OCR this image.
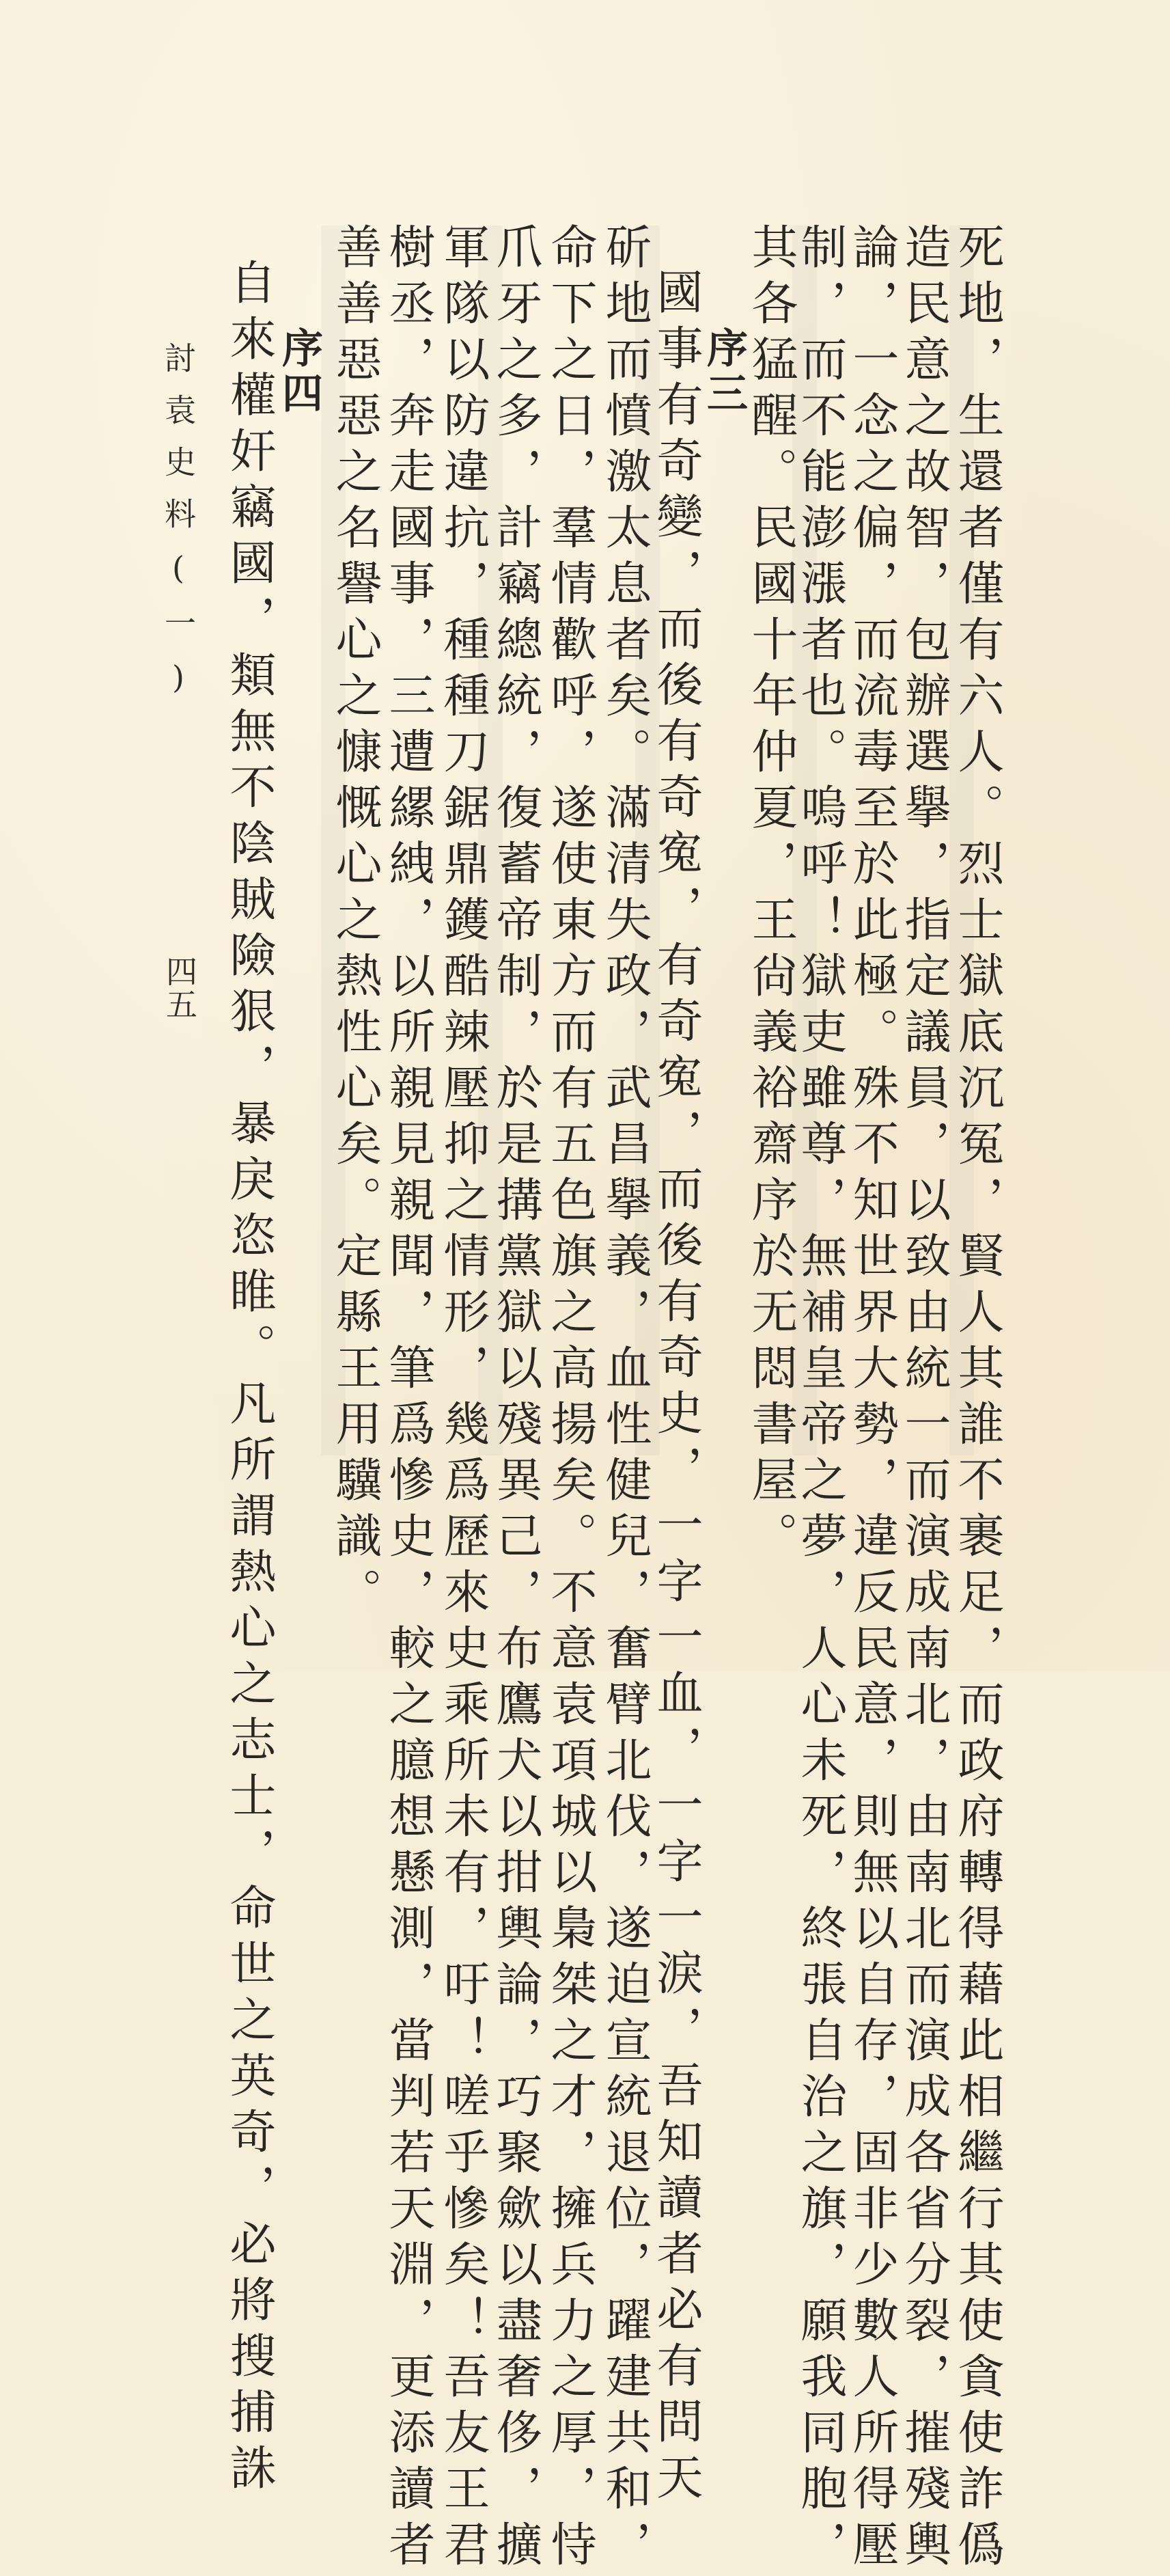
死地，生還者僅有六人。烈士獄底沉冤，賢人其誰不裹足，而政府轉得藉此相繼行其使貪使詐僞
造民意之故智，包辦選擧，指定議員，以致由統一而演成南北，由南北而演成各省分裂，摧殘輿
論，一念之偏，而流毒至於此極。殊不知世界大勢，違反民意，則無以自存，固非少數人所得壓
制，而不能澎漲者也。嗚呼！獄吏雖尊，無補皇帝之夢，人心未死，終張自治之旗，願我同胞，
其各猛醒。民國十年仲夏，王尙義裕齋序於无悶書屋。
序三
國事有奇變，而後有奇寃，有奇寃，而後有奇史，一字一血，一字一淚，吾知讀者必有問天
斫地而憤激太息者矣。滿清失政，武昌擧義，血性健兒，奮臂北伐，遂迫宣統退位，躍建共和，
命下之日，羣情歡呼，遂使東方而有五色旗之高揚矣。不意袁項城以梟桀之才，擁兵力之厚，恃
爪牙之多，計竊總統，復蓄帝制，於是搆黨獄以殘異己，布鷹犬以拑輿論，巧聚歛以盡奢侈，擴
軍隊以防違抗，種種刀鋸鼎鑊酷辣壓抑之情形，幾爲歷來史乘所未有，吁！嗟乎慘矣！吾友王君
樹丞，奔走國事，三遭縲絏，以所親見親聞，筆爲慘史，較之臆想懸測，當判若天淵，更添讀者
善善惡惡之名譽心之慷慨心之熱性心矣。定縣王用驥識。
序四
自來權奸竊國，類無不陰賊險狠，暴戾恣睢。凡所謂熱心之志士，命世之英奇，必將搜捕誅
討袁史料(一)
四五
